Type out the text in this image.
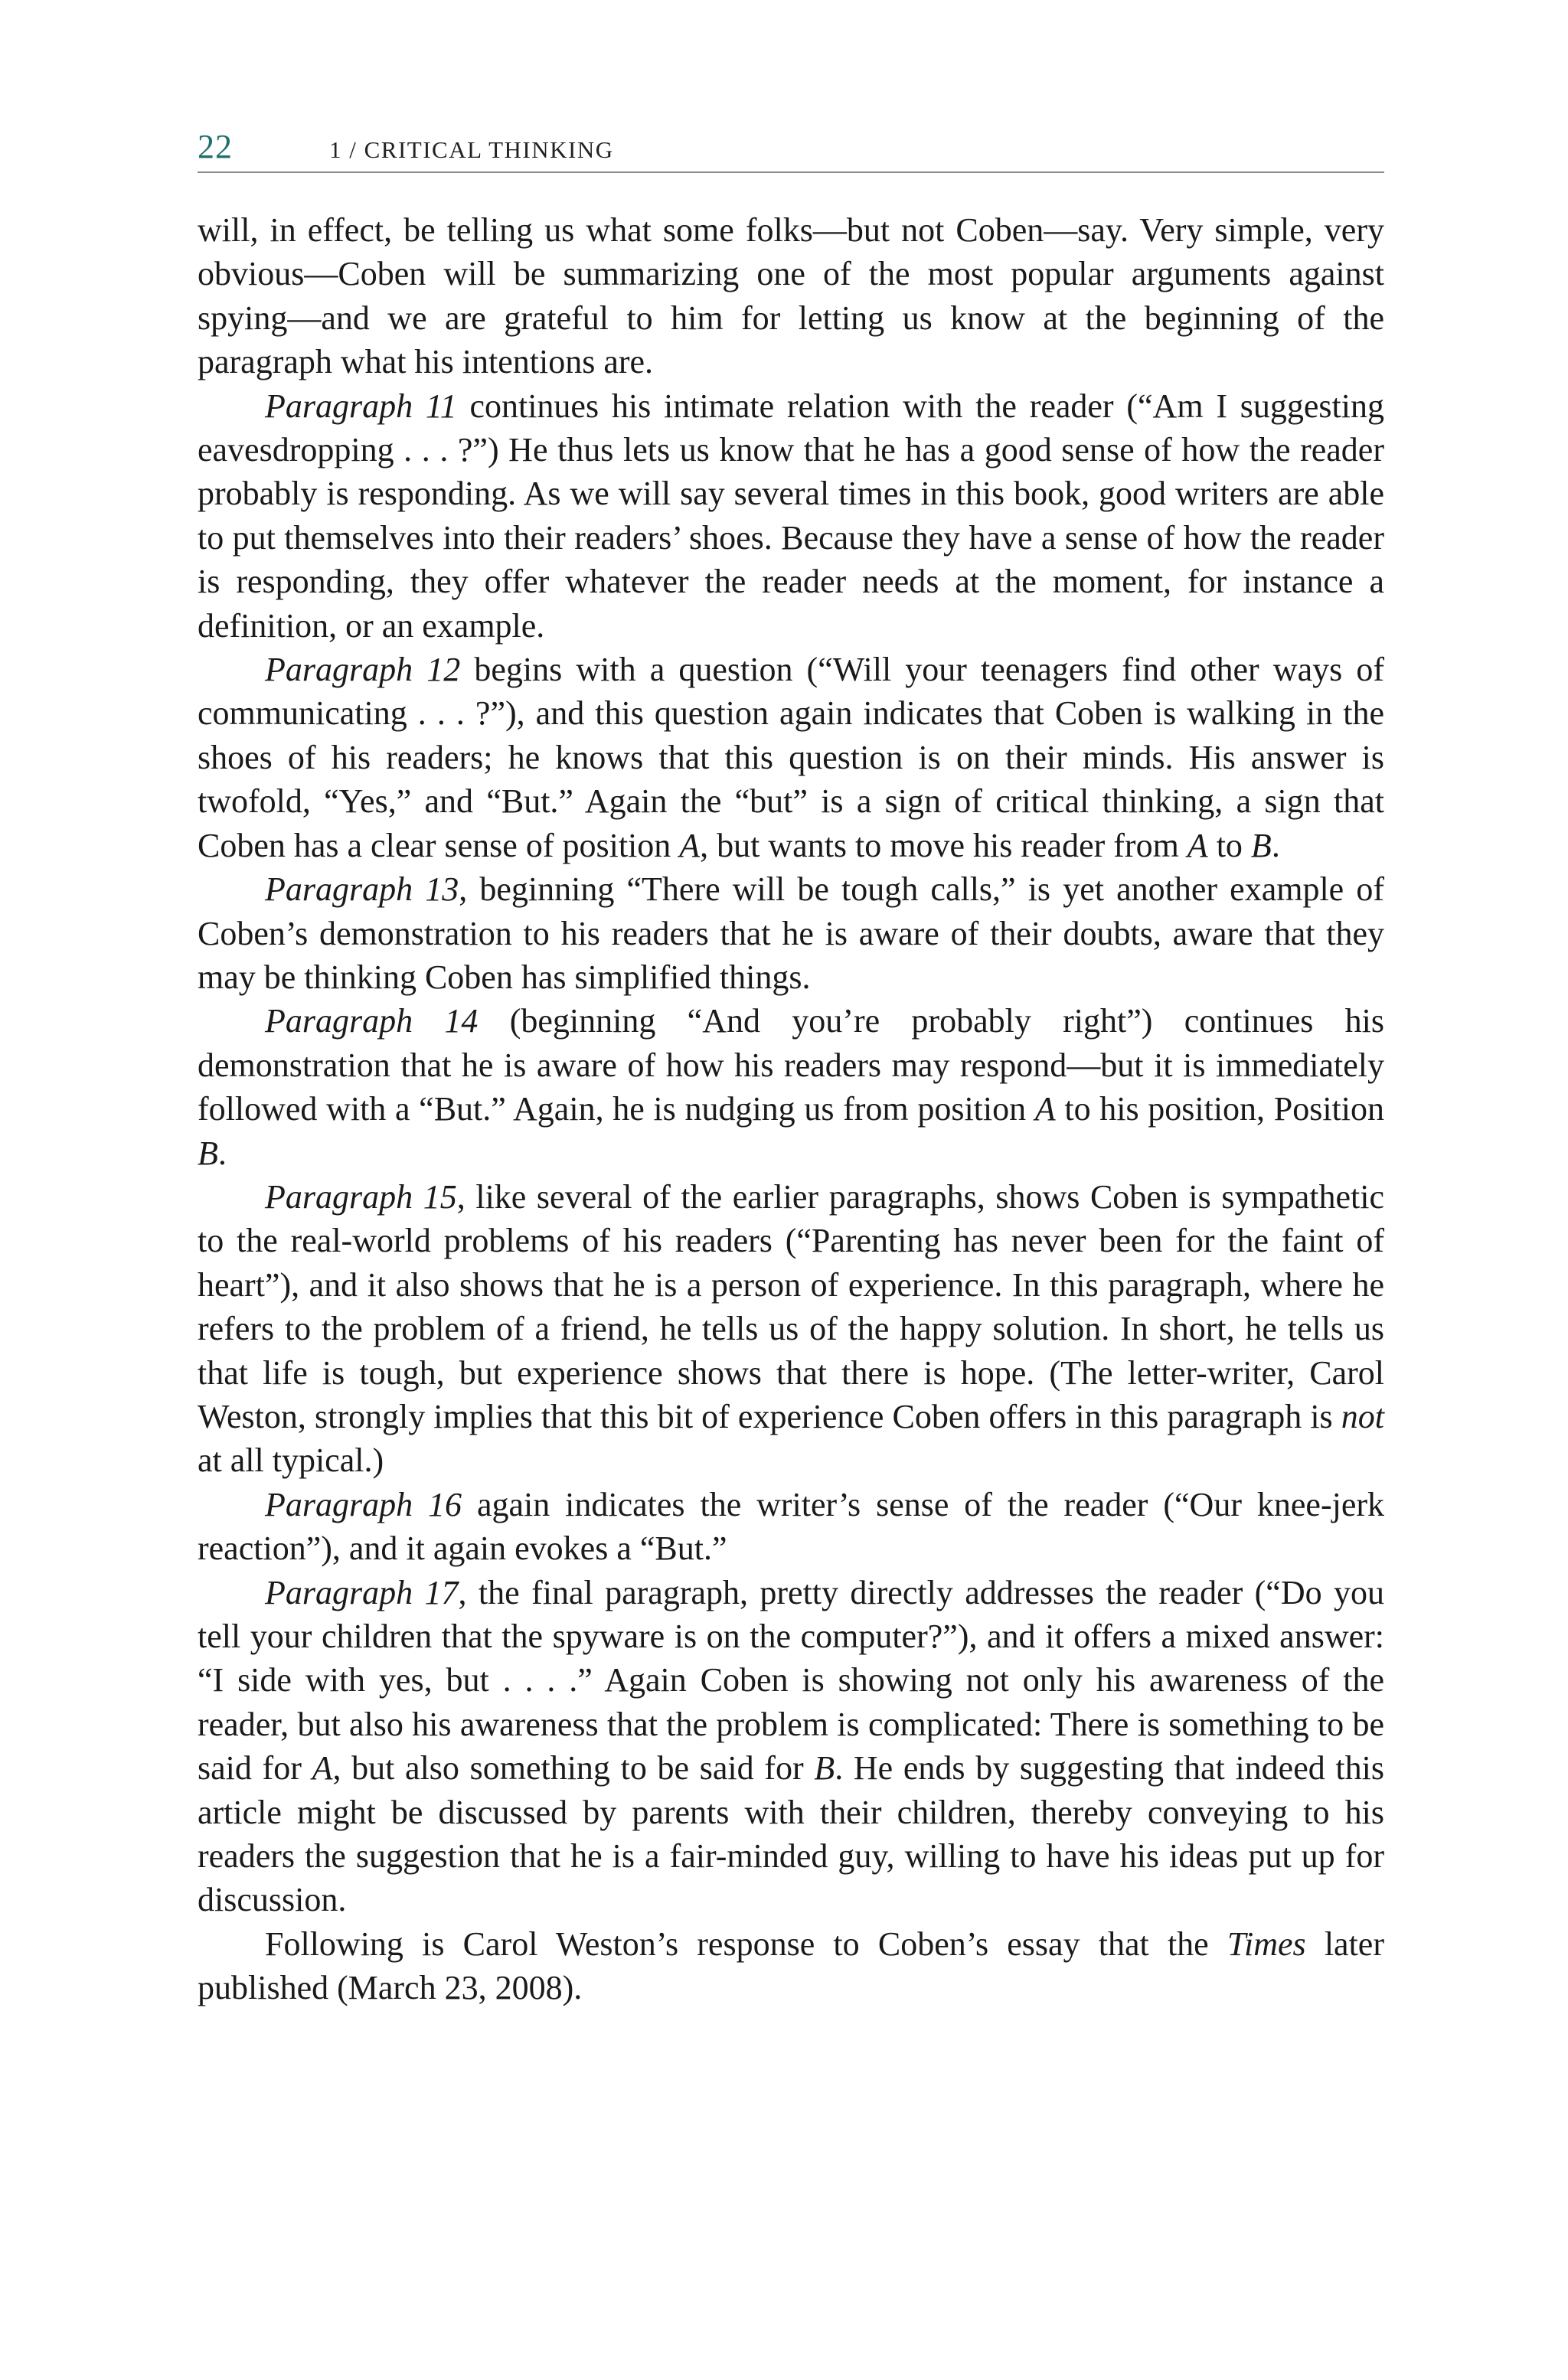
22	1 / CRITICAL THINKING

will, in effect, be telling us what some folks—but not Coben—say. Very simple, very obvious—Coben will be summarizing one of the most popular arguments against spying—and we are grateful to him for letting us know at the beginning of the paragraph what his intentions are.

Paragraph 11 continues his intimate relation with the reader (“Am I suggesting eavesdropping . . . ?”) He thus lets us know that he has a good sense of how the reader probably is responding. As we will say several times in this book, good writers are able to put themselves into their readers’ shoes. Because they have a sense of how the reader is responding, they offer whatever the reader needs at the moment, for instance a definition, or an example.

Paragraph 12 begins with a question (“Will your teenagers find other ways of communicating . . . ?”), and this question again indicates that Coben is walking in the shoes of his readers; he knows that this question is on their minds. His answer is twofold, “Yes,” and “But.” Again the “but” is a sign of critical thinking, a sign that Coben has a clear sense of position A, but wants to move his reader from A to B.

Paragraph 13, beginning “There will be tough calls,” is yet another example of Coben’s demonstration to his readers that he is aware of their doubts, aware that they may be thinking Coben has simplified things.

Paragraph 14 (beginning “And you’re probably right”) continues his demonstration that he is aware of how his readers may respond—but it is immediately followed with a “But.” Again, he is nudging us from position A to his position, Position B.

Paragraph 15, like several of the earlier paragraphs, shows Coben is sympathetic to the real-world problems of his readers (“Parenting has never been for the faint of heart”), and it also shows that he is a person of experience. In this paragraph, where he refers to the problem of a friend, he tells us of the happy solution. In short, he tells us that life is tough, but experience shows that there is hope. (The letter-writer, Carol Weston, strongly implies that this bit of experience Coben offers in this paragraph is not at all typical.)

Paragraph 16 again indicates the writer’s sense of the reader (“Our knee-jerk reaction”), and it again evokes a “But.”

Paragraph 17, the final paragraph, pretty directly addresses the reader (“Do you tell your children that the spyware is on the computer?”), and it offers a mixed answer: “I side with yes, but . . . .” Again Coben is showing not only his awareness of the reader, but also his awareness that the problem is complicated: There is something to be said for A, but also something to be said for B. He ends by suggesting that indeed this article might be discussed by parents with their children, thereby conveying to his readers the suggestion that he is a fair-minded guy, willing to have his ideas put up for discussion.

Following is Carol Weston’s response to Coben’s essay that the Times later published (March 23, 2008).
